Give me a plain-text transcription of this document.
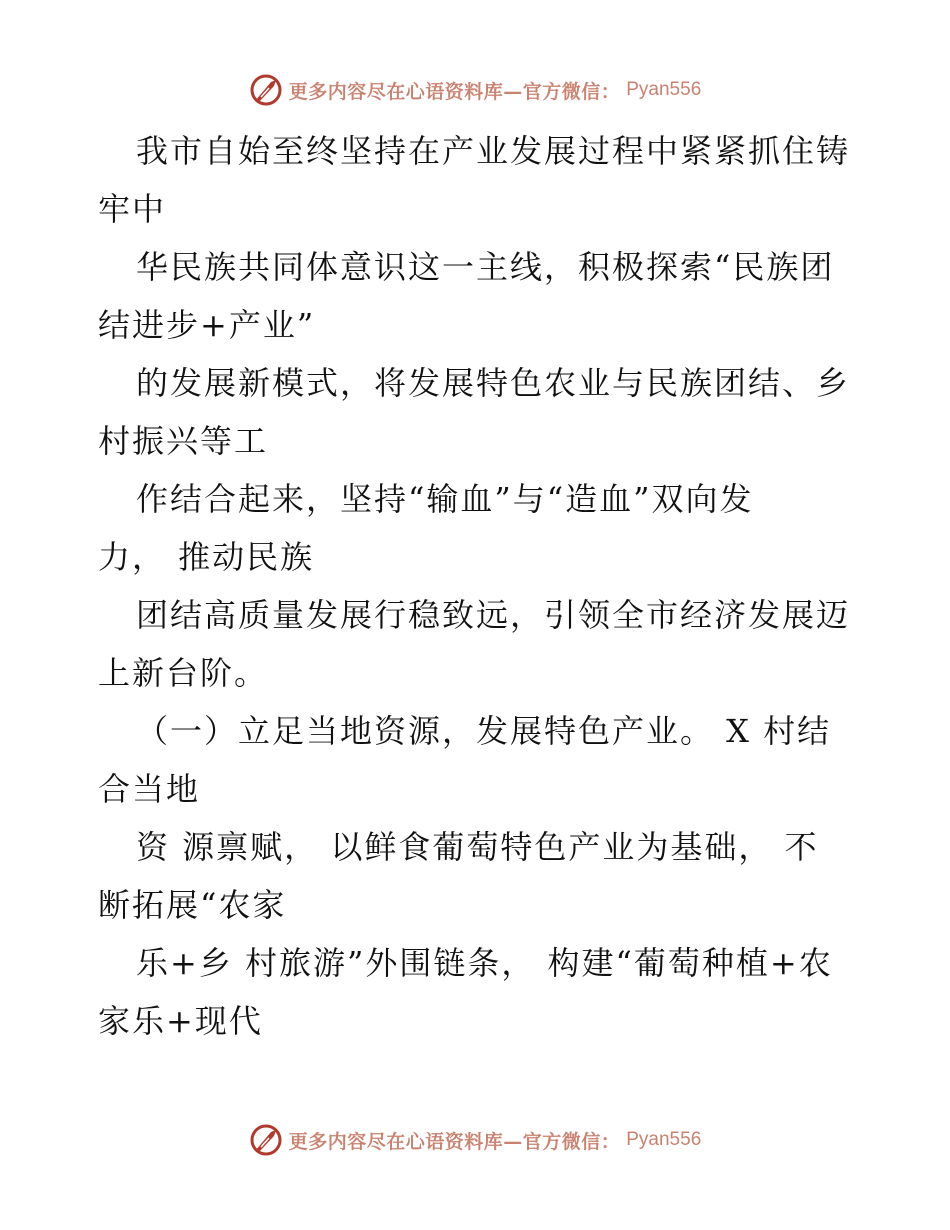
更多内容尽在心语资料库—官方微信： Pyan556

我市自始至终坚持在产业发展过程中紧紧抓住铸
牢中

华民族共同体意识这一主线，积极探索“民族团
结进步+产业”

的发展新模式，将发展特色农业与民族团结、乡
村振兴等工

作结合起来，坚持“输血”与“造血”双向发
力， 推动民族

团结高质量发展行稳致远，引领全市经济发展迈
上新台阶。

（一）立足当地资源，发展特色产业。 X 村结
合当地

资 源禀赋， 以鲜食葡萄特色产业为基础， 不
断拓展“农家

乐+乡 村旅游”外围链条， 构建“葡萄种植+农
家乐+现代

更多内容尽在心语资料库—官方微信： Pyan556
